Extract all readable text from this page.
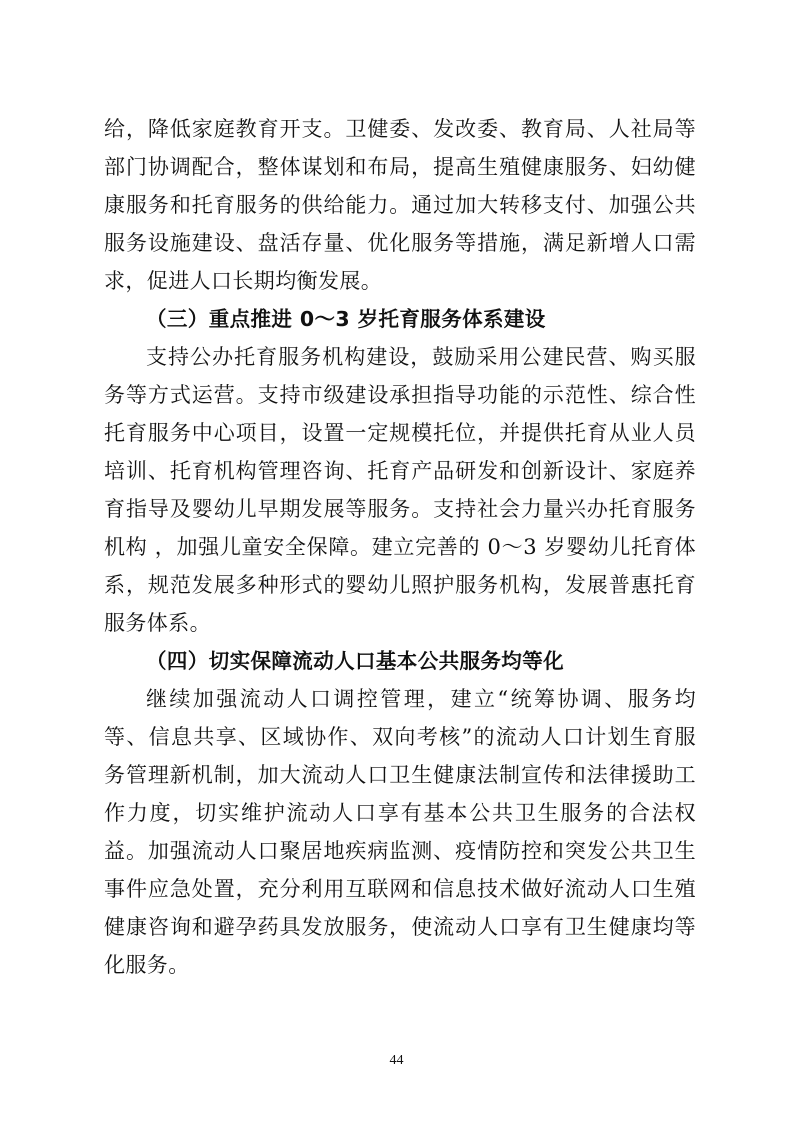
给，降低家庭教育开支。卫健委、发改委、教育局、人社局等
部门协调配合，整体谋划和布局，提高生殖健康服务、妇幼健
康服务和托育服务的供给能力。通过加大转移支付、加强公共
服务设施建设、盘活存量、优化服务等措施，满足新增人口需
求，促进人口长期均衡发展。
（三）重点推进 0～3 岁托育服务体系建设
支持公办托育服务机构建设，鼓励采用公建民营、购买服
务等方式运营。支持市级建设承担指导功能的示范性、综合性
托育服务中心项目，设置一定规模托位，并提供托育从业人员
培训、托育机构管理咨询、托育产品研发和创新设计、家庭养
育指导及婴幼儿早期发展等服务。支持社会力量兴办托育服务
机构 ，加强儿童安全保障。建立完善的 0～3 岁婴幼儿托育体
系，规范发展多种形式的婴幼儿照护服务机构，发展普惠托育
服务体系。
（四）切实保障流动人口基本公共服务均等化
继续加强流动人口调控管理，建立“统筹协调、服务均
等、信息共享、区域协作、双向考核”的流动人口计划生育服
务管理新机制，加大流动人口卫生健康法制宣传和法律援助工
作力度，切实维护流动人口享有基本公共卫生服务的合法权
益。加强流动人口聚居地疾病监测、疫情防控和突发公共卫生
事件应急处置，充分利用互联网和信息技术做好流动人口生殖
健康咨询和避孕药具发放服务，使流动人口享有卫生健康均等
化服务。
44
